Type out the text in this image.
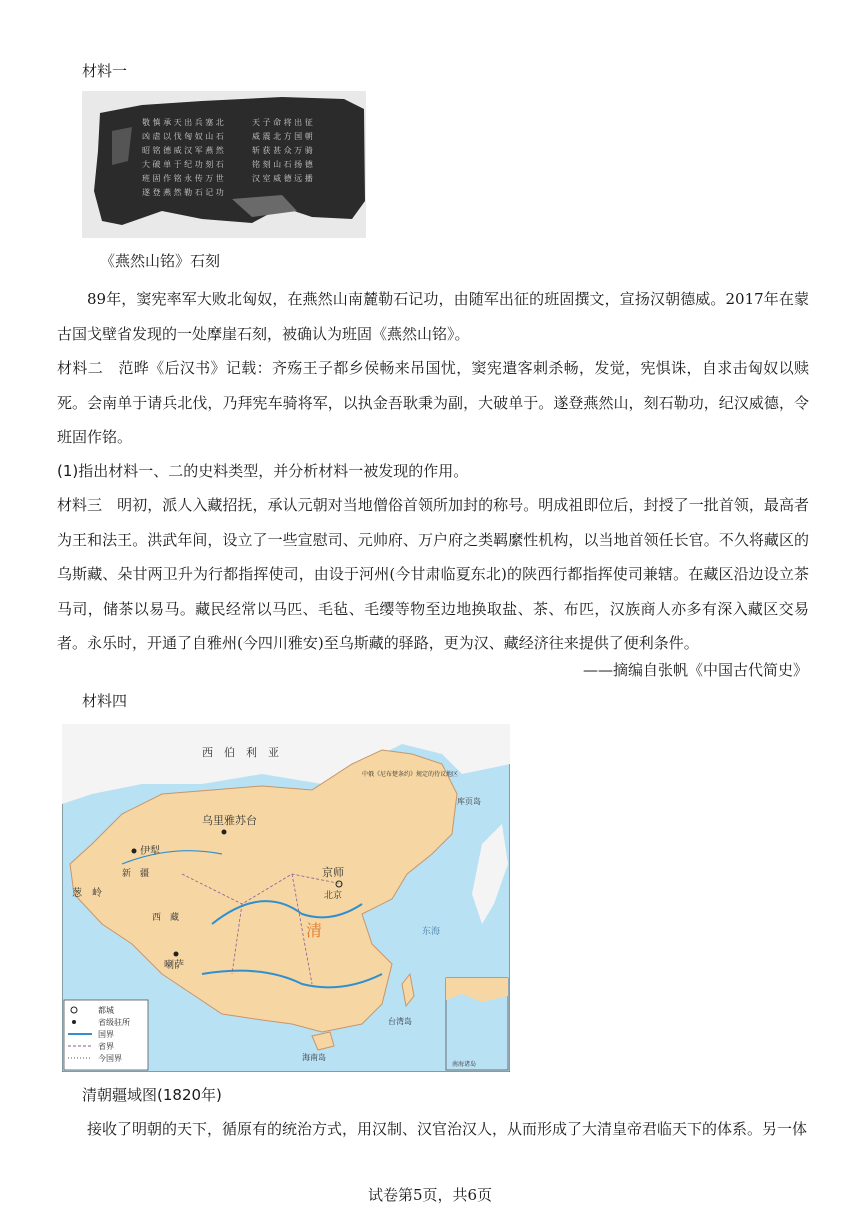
材料一
敬 慎 承 天 出 兵 塞 北
凶 虐 以 伐 匈 奴 山 石
昭 铭 德 威 汉 军 燕 然
大 破 单 于 纪 功 刻 石
班 固 作 铭 永 传 万 世
遂 登 燕 然 勒 石 记 功
天 子 命 将 出 征
威 震 北 方 国 朝
斩 获 甚 众 万 骑
铭 刻 山 石 扬 德
汉 室 威 德 远 播
《燕然山铭》石刻
89年，窦宪率军大败北匈奴，在燕然山南麓勒石记功，由随军出征的班固撰文，宣扬汉朝德威。2017年在蒙古国戈壁省发现的一处摩崖石刻，被确认为班固《燕然山铭》。
材料二　范晔《后汉书》记载：齐殇王子都乡侯畅来吊国忧，窦宪遣客刺杀畅，发觉，宪惧诛，自求击匈奴以赎死。会南单于请兵北伐，乃拜宪车骑将军，以执金吾耿秉为副，大破单于。遂登燕然山，刻石勒功，纪汉威德，令班固作铭。
(1)指出材料一、二的史料类型，并分析材料一被发现的作用。
材料三　明初，派人入藏招抚，承认元朝对当地僧俗首领所加封的称号。明成祖即位后，封授了一批首领，最高者为王和法王。洪武年间，设立了一些宣慰司、元帅府、万户府之类羁縻性机构，以当地首领任长官。不久将藏区的乌斯藏、朵甘两卫升为行都指挥使司，由设于河州(今甘肃临夏东北)的陕西行都指挥使司兼辖。在藏区沿边设立茶马司，储茶以易马。藏民经常以马匹、毛毡、毛缨等物至边地换取盐、茶、布匹，汉族商人亦多有深入藏区交易者。永乐时，开通了自雅州(今四川雅安)至乌斯藏的驿路，更为汉、藏经济往来提供了便利条件。
——摘编自张帆《中国古代简史》
材料四
都城
省级驻所
国界
省界
今国界
西　伯　利　亚
乌里雅苏台
伊犁
葱　岭
京师
北京
清
喇萨
台湾岛
海南岛
东海
库页岛
中俄《尼布楚条约》规定的待议地区
新　疆
西　藏
南海诸岛
清朝疆域图(1820年)
接收了明朝的天下，循原有的统治方式，用汉制、汉官治汉人，从而形成了大清皇帝君临天下的体系。另一体
试卷第5页，共6页
